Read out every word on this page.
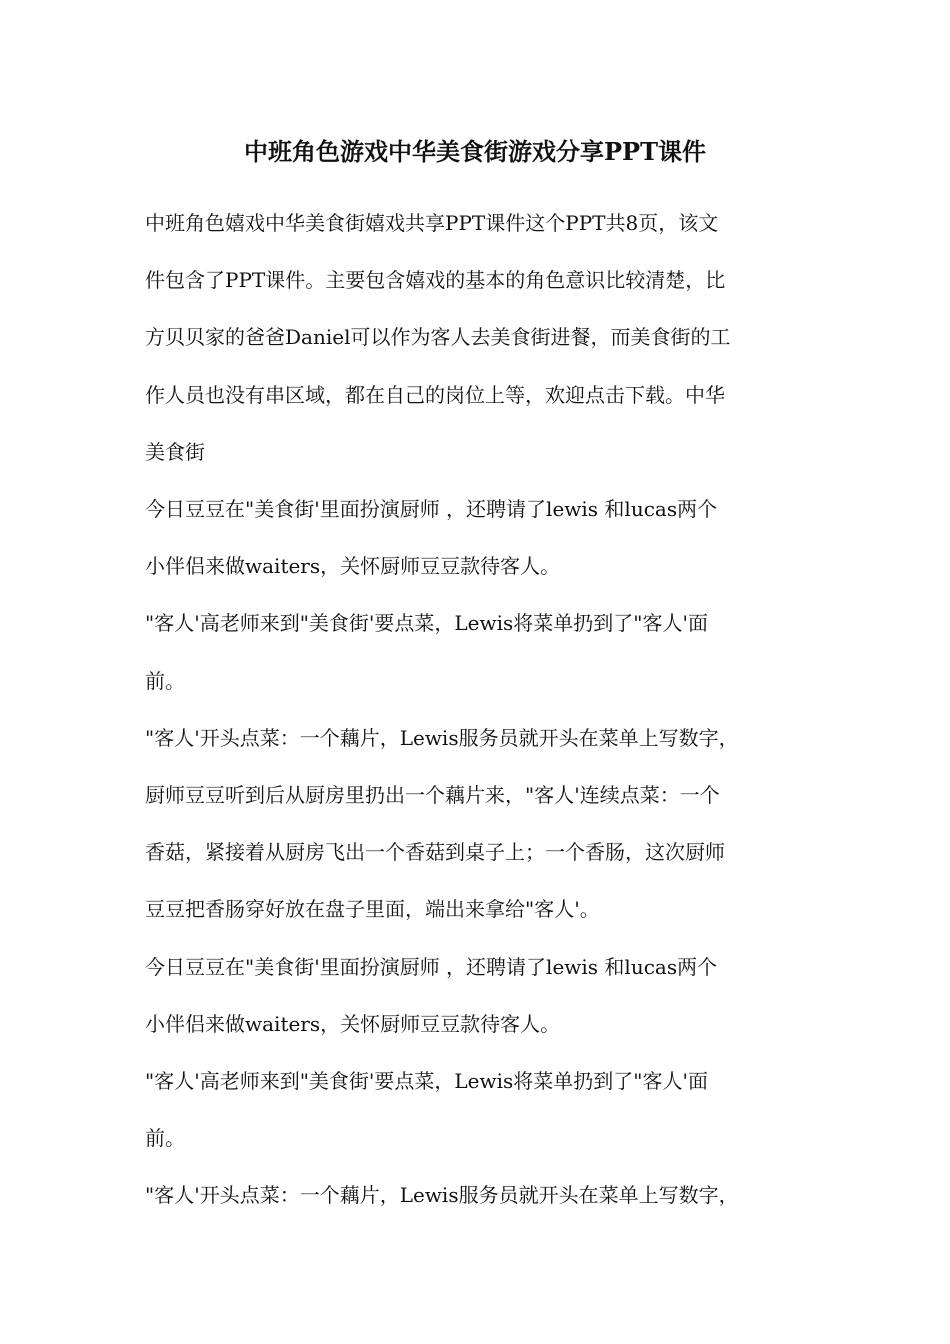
中班角色游戏中华美食街游戏分享PPT课件

中班角色嬉戏中华美食街嬉戏共享PPT课件这个PPT共8页，该文

件包含了PPT课件。主要包含嬉戏的基本的角色意识比较清楚，比

方贝贝家的爸爸Daniel可以作为客人去美食街进餐，而美食街的工

作人员也没有串区域，都在自己的岗位上等，欢迎点击下载。中华

美食街

今日豆豆在"美食街'里面扮演厨师 ，还聘请了lewis 和lucas两个

小伴侣来做waiters，关怀厨师豆豆款待客人。

"客人'高老师来到"美食街'要点菜，Lewis将菜单扔到了"客人'面

前。

"客人'开头点菜：一个藕片，Lewis服务员就开头在菜单上写数字，

厨师豆豆听到后从厨房里扔出一个藕片来，"客人'连续点菜：一个

香菇，紧接着从厨房飞出一个香菇到桌子上；一个香肠，这次厨师

豆豆把香肠穿好放在盘子里面，端出来拿给"客人'。

今日豆豆在"美食街'里面扮演厨师 ，还聘请了lewis 和lucas两个

小伴侣来做waiters，关怀厨师豆豆款待客人。

"客人'高老师来到"美食街'要点菜，Lewis将菜单扔到了"客人'面

前。

"客人'开头点菜：一个藕片，Lewis服务员就开头在菜单上写数字，
